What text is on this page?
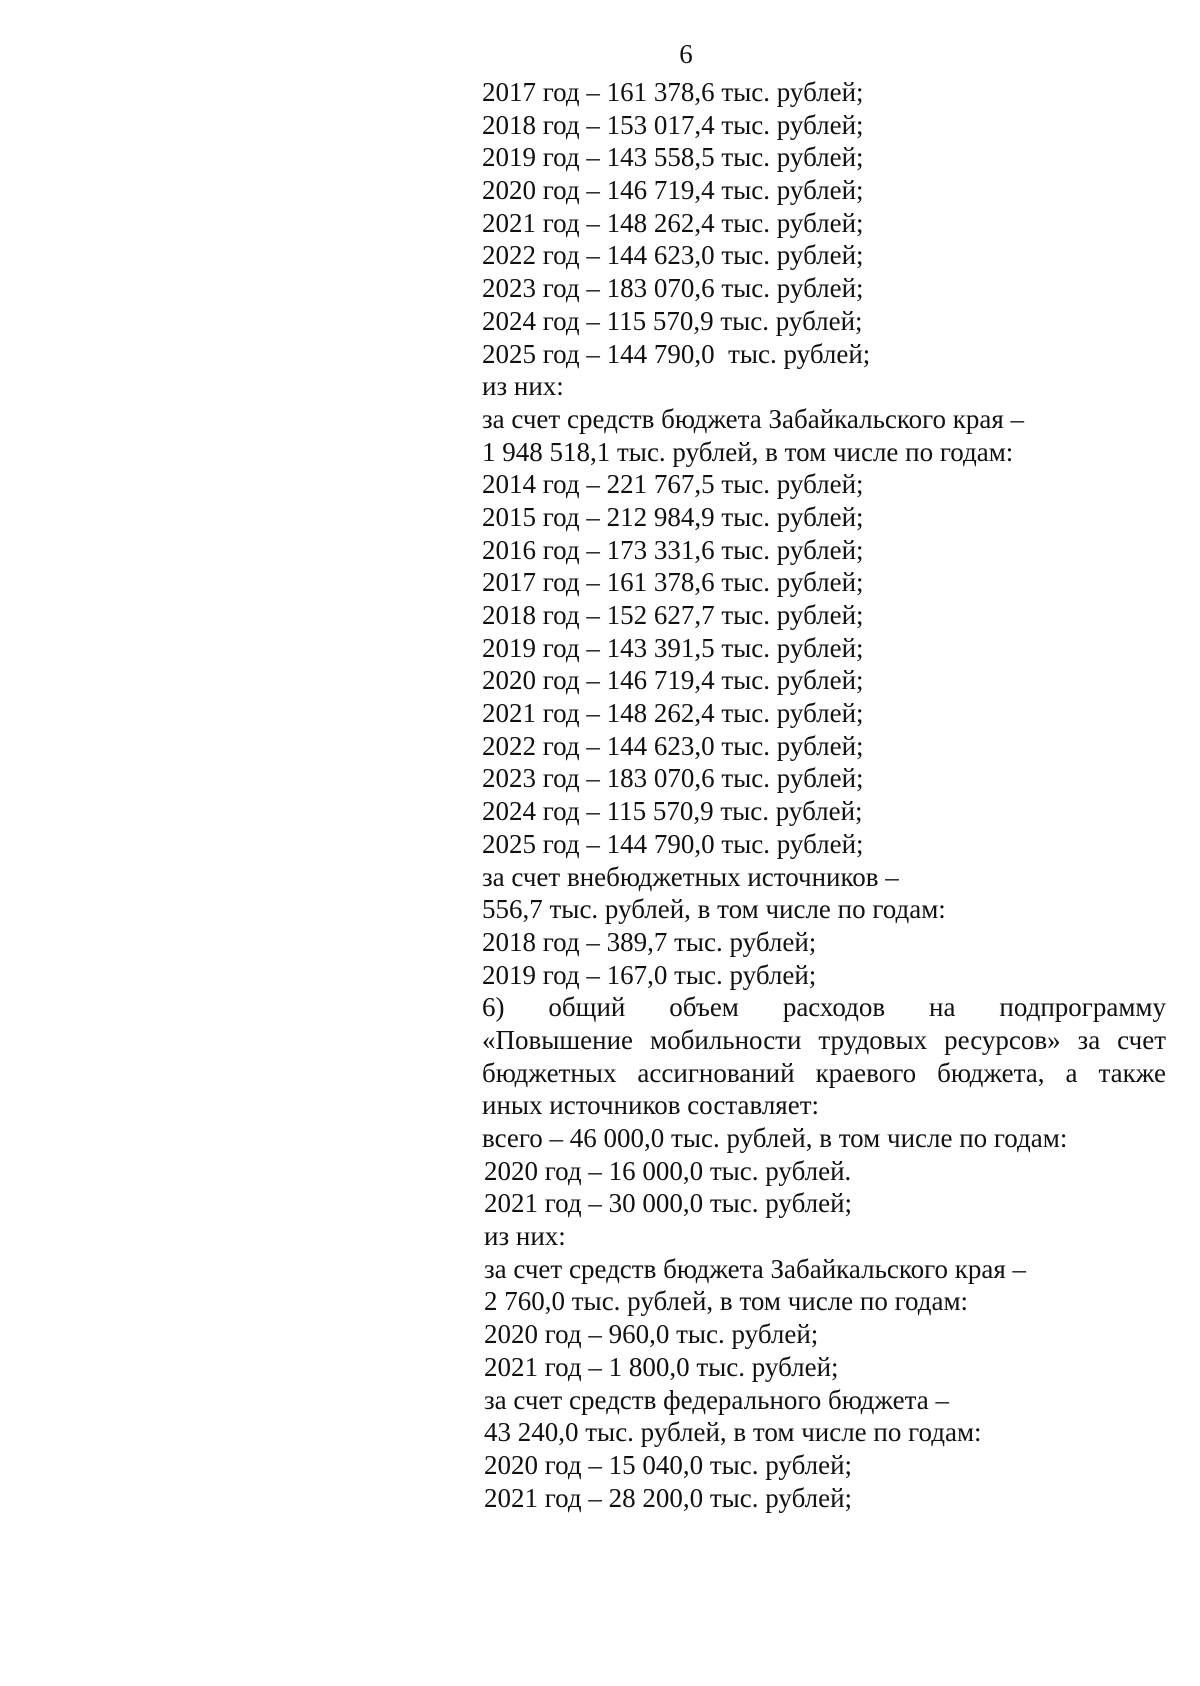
6
2017 год – 161 378,6 тыс. рублей;
2018 год – 153 017,4 тыс. рублей;
2019 год – 143 558,5 тыс. рублей;
2020 год – 146 719,4 тыс. рублей;
2021 год – 148 262,4 тыс. рублей;
2022 год – 144 623,0 тыс. рублей;
2023 год – 183 070,6 тыс. рублей;
2024 год – 115 570,9 тыс. рублей;
2025 год – 144 790,0  тыс. рублей;
из них:
за счет средств бюджета Забайкальского края –
1 948 518,1 тыс. рублей, в том числе по годам:
2014 год – 221 767,5 тыс. рублей;
2015 год – 212 984,9 тыс. рублей;
2016 год – 173 331,6 тыс. рублей;
2017 год – 161 378,6 тыс. рублей;
2018 год – 152 627,7 тыс. рублей;
2019 год – 143 391,5 тыс. рублей;
2020 год – 146 719,4 тыс. рублей;
2021 год – 148 262,4 тыс. рублей;
2022 год – 144 623,0 тыс. рублей;
2023 год – 183 070,6 тыс. рублей;
2024 год – 115 570,9 тыс. рублей;
2025 год – 144 790,0 тыс. рублей;
за счет внебюджетных источников –
556,7 тыс. рублей, в том числе по годам:
2018 год – 389,7 тыс. рублей;
2019 год – 167,0 тыс. рублей;
6) общий объем расходов на подпрограмму
«Повышение мобильности трудовых ресурсов» за счет
бюджетных ассигнований краевого бюджета, а также
иных источников составляет:
всего – 46 000,0 тыс. рублей, в том числе по годам:
2020 год – 16 000,0 тыс. рублей.
2021 год – 30 000,0 тыс. рублей;
из них:
за счет средств бюджета Забайкальского края –
2 760,0 тыс. рублей, в том числе по годам:
2020 год – 960,0 тыс. рублей;
2021 год – 1 800,0 тыс. рублей;
за счет средств федерального бюджета –
43 240,0 тыс. рублей, в том числе по годам:
2020 год – 15 040,0 тыс. рублей;
2021 год – 28 200,0 тыс. рублей;
